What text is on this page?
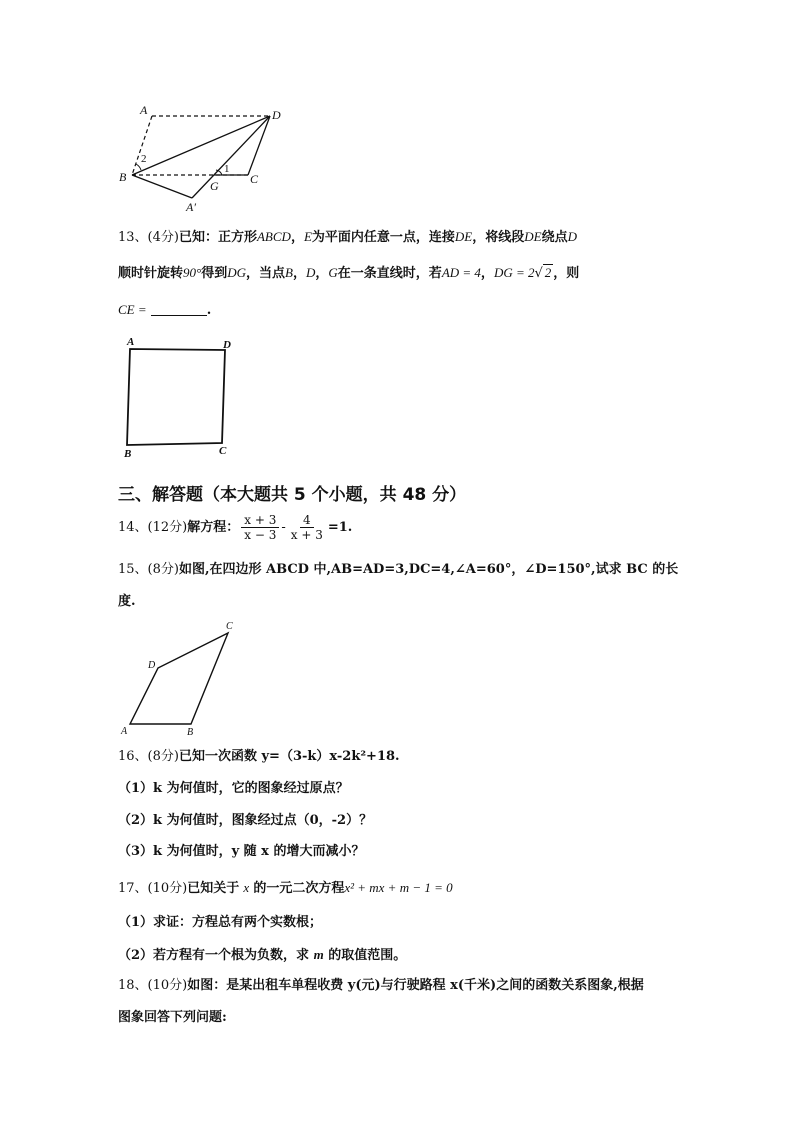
A	D
B
2
1
G	C
A′
13、(4分)已知：正方形ABCD，E为平面内任意一点，连接DE，将线段DE绕点D
顺时针旋转90°得到DG，当点B，D，G在一条直线时，若AD = 4，DG = 2√ 2 ，则
CE =	.
A	D
B	C
三、解答题（本大题共 5 个小题，共 48 分）
14、(12分) 解方程： $\frac{x + 3}{x - 3} - \frac{4}{x + 3} =1$.
15、(8分)如图,在四边形 ABCD 中,AB=AD=3,DC=4,∠A=60°，∠D=150°,试求 BC 的长
度.
A	B
C
D
16、(8分)已知一次函数 y=（3-k）x-2k²+18.
（1）k 为何值时，它的图象经过原点？
（2）k 为何值时，图象经过点（0，-2）？
（3）k 为何值时，y 随 x 的增大而减小？
17、(10分)已知关于 x 的一元二次方程x² + mx + m − 1 = 0
（1）求证：方程总有两个实数根；
（2）若方程有一个根为负数，求 m 的取值范围。
18、(10分)如图：是某出租车单程收费 y(元)与行驶路程 x(千米)之间的函数关系图象,根据
图象回答下列问题:
